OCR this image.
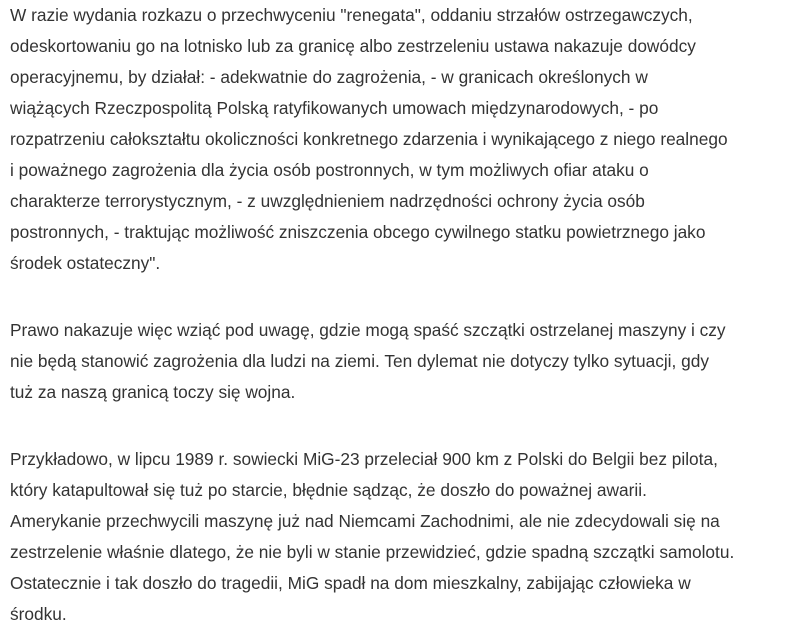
W razie wydania rozkazu o przechwyceniu "renegata", oddaniu strzałów ostrzegawczych,
odeskortowaniu go na lotnisko lub za granicę albo zestrzeleniu ustawa nakazuje dowódcy
operacyjnemu, by działał: - adekwatnie do zagrożenia, - w granicach określonych w
wiążących Rzeczpospolitą Polską ratyfikowanych umowach międzynarodowych, - po
rozpatrzeniu całokształtu okoliczności konkretnego zdarzenia i wynikającego z niego realnego
i poważnego zagrożenia dla życia osób postronnych, w tym możliwych ofiar ataku o
charakterze terrorystycznym, - z uwzględnieniem nadrzędności ochrony życia osób
postronnych, - traktując możliwość zniszczenia obcego cywilnego statku powietrznego jako
środek ostateczny".

Prawo nakazuje więc wziąć pod uwagę, gdzie mogą spaść szczątki ostrzelanej maszyny i czy
nie będą stanowić zagrożenia dla ludzi na ziemi. Ten dylemat nie dotyczy tylko sytuacji, gdy
tuż za naszą granicą toczy się wojna.

Przykładowo, w lipcu 1989 r. sowiecki MiG-23 przeleciał 900 km z Polski do Belgii bez pilota,
który katapultował się tuż po starcie, błędnie sądząc, że doszło do poważnej awarii.
Amerykanie przechwycili maszynę już nad Niemcami Zachodnimi, ale nie zdecydowali się na
zestrzelenie właśnie dlatego, że nie byli w stanie przewidzieć, gdzie spadną szczątki samolotu.
Ostatecznie i tak doszło do tragedii, MiG spadł na dom mieszkalny, zabijając człowieka w
środku.
